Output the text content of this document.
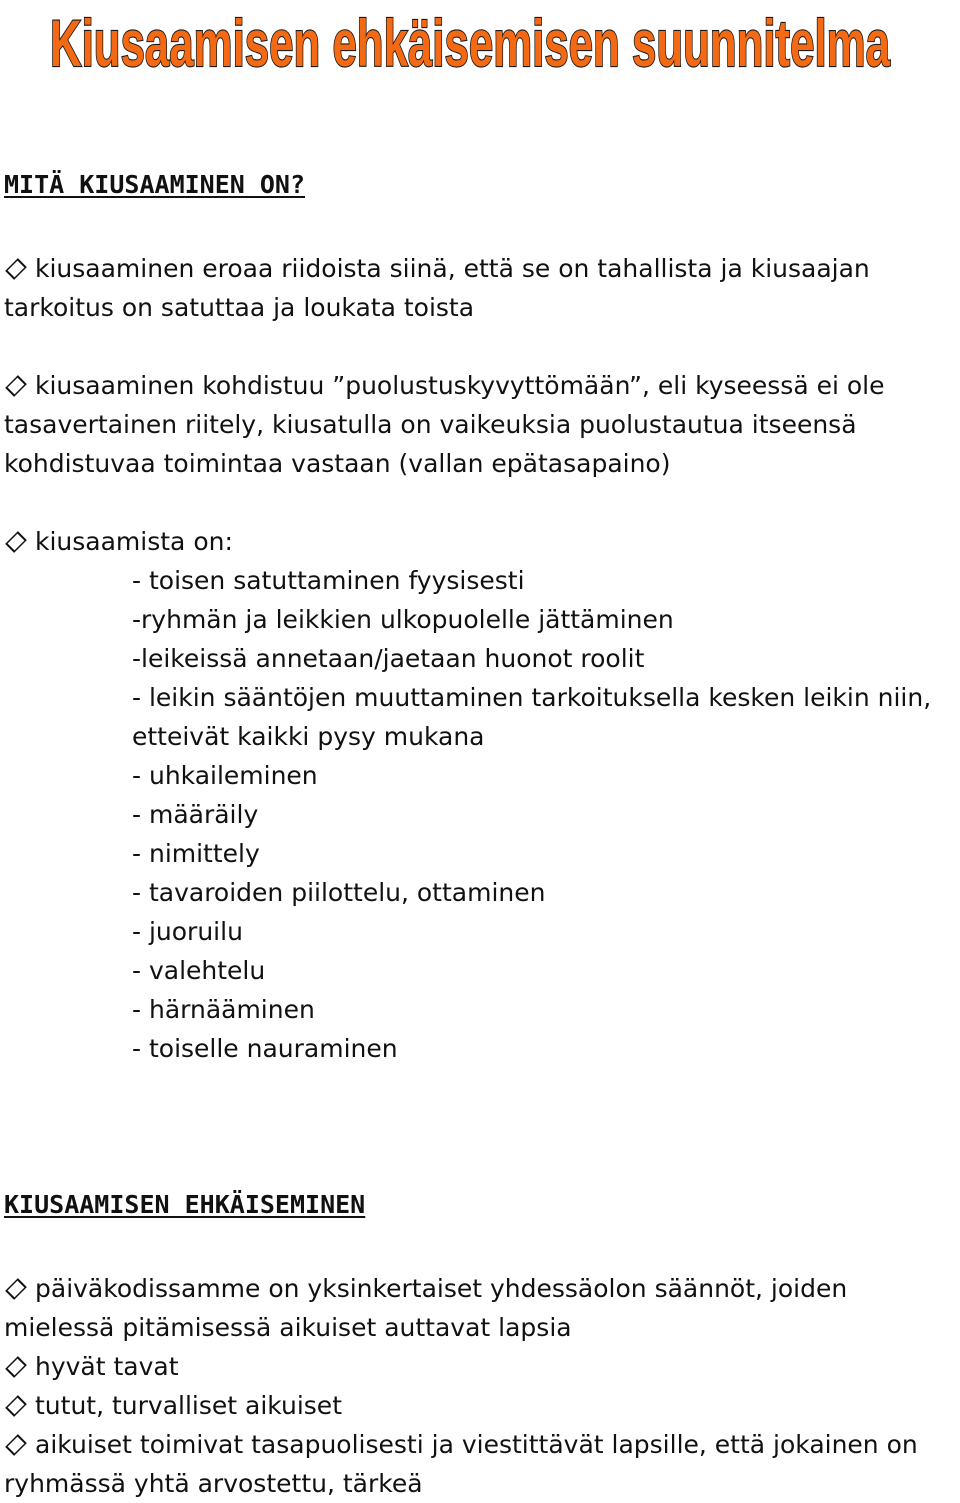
Kiusaamisen ehkäisemisen suunnitelma
MITÄ KIUSAAMINEN ON?

kiusaaminen eroaa riidoista siinä, että se on tahallista ja kiusaajan tarkoitus on satuttaa ja loukata toista

kiusaaminen kohdistuu ”puolustuskyvyttömään”, eli kyseessä ei ole tasavertainen riitely, kiusatulla on vaikeuksia puolustautua itseensä kohdistuvaa toimintaa vastaan (vallan epätasapaino)

kiusaamista on:

- toisen satuttaminen fyysisesti
-ryhmän ja leikkien ulkopuolelle jättäminen
-leikeissä annetaan/jaetaan huonot roolit
- leikin sääntöjen muuttaminen tarkoituksella kesken leikin niin,
etteivät kaikki pysy mukana
- uhkaileminen
- määräily
- nimittely
- tavaroiden piilottelu, ottaminen
- juoruilu
- valehtelu
- härnääminen
- toiselle nauraminen
KIUSAAMISEN EHKÄISEMINEN

päiväkodissamme on yksinkertaiset yhdessäolon säännöt, joiden mielessä pitämisessä aikuiset auttavat lapsia

hyvät tavat

tutut, turvalliset aikuiset

aikuiset toimivat tasapuolisesti ja viestittävät lapsille, että jokainen on ryhmässä yhtä arvostettu, tärkeä
